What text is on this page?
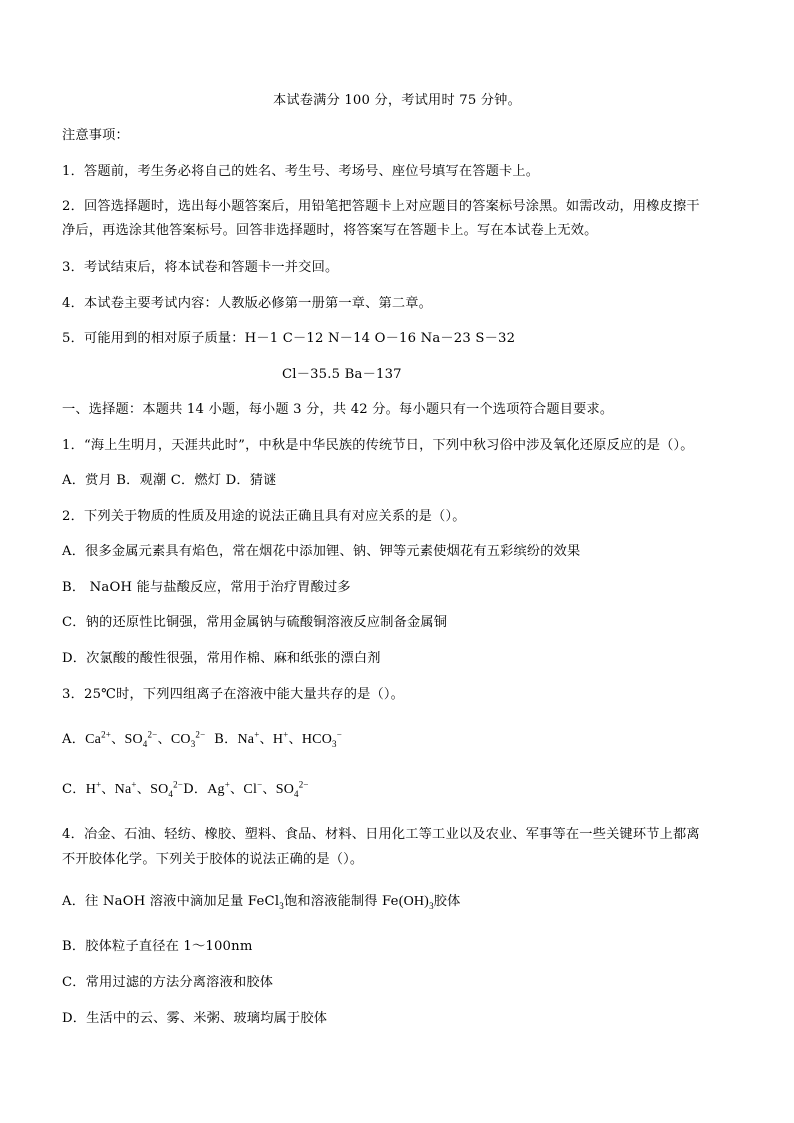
本试卷满分 100 分，考试用时 75 分钟。
注意事项：
1．答题前，考生务必将自己的姓名、考生号、考场号、座位号填写在答题卡上。
2．回答选择题时，选出每小题答案后，用铅笔把答题卡上对应题目的答案标号涂黑。如需改动，用橡皮擦干
净后，再选涂其他答案标号。回答非选择题时，将答案写在答题卡上。写在本试卷上无效。
3．考试结束后，将本试卷和答题卡一并交回。
4．本试卷主要考试内容：人教版必修第一册第一章、第二章。
5．可能用到的相对原子质量：H－1 C－12 N－14 O－16 Na－23 S－32
Cl－35.5 Ba－137
一、选择题：本题共 14 小题，每小题 3 分，共 42 分。每小题只有一个选项符合题目要求。
1．“海上生明月，天涯共此时”，中秋是中华民族的传统节日，下列中秋习俗中涉及氧化还原反应的是（）。
A．赏月 B．观潮 C．燃灯 D．猜谜
2．下列关于物质的性质及用途的说法正确且具有对应关系的是（）。
A．很多金属元素具有焰色，常在烟花中添加锂、钠、钾等元素使烟花有五彩缤纷的效果
B． NaOH 能与盐酸反应，常用于治疗胃酸过多
C．钠的还原性比铜强，常用金属钠与硫酸铜溶液反应制备金属铜
D．次氯酸的酸性很强，常用作棉、麻和纸张的漂白剂
3．25℃时，下列四组离子在溶液中能大量共存的是（）。
A．$Ca^{2+}$、$SO_4^{2-}$、$CO_3^{2-}$ B．Na+、H+、$HCO_3^-$
C．H+、Na+、$SO_4^{2-}D$．Ag+、Cl−、$SO_4^{2-}$
4．冶金、石油、轻纺、橡胶、塑料、食品、材料、日用化工等工业以及农业、军事等在一些关键环节上都离
不开胶体化学。下列关于胶体的说法正确的是（）。
A．往 NaOH 溶液中滴加足量 FeCl$_3$饱和溶液能制得 $Fe(OH)_3$胶体
B．胶体粒子直径在 1～100nm
C．常用过滤的方法分离溶液和胶体
D．生活中的云、雾、米粥、玻璃均属于胶体
